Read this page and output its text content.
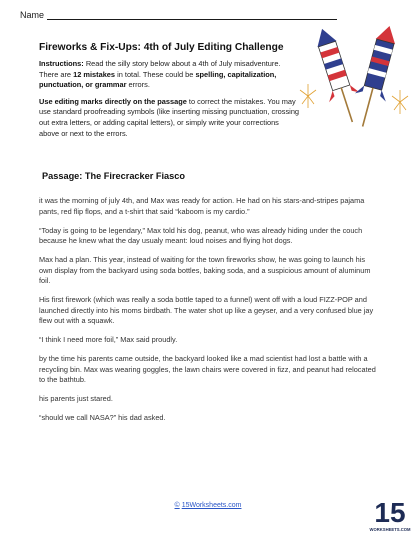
Name
Fireworks & Fix-Ups: 4th of July Editing Challenge

Instructions: Read the silly story below about a 4th of July misadventure. There are 12 mistakes in total. These could be spelling, capitalization, punctuation, or grammar errors.

Use editing marks directly on the passage to correct the mistakes. You may use standard proofreading symbols (like inserting missing punctuation, crossing out extra letters, or adding capital letters), or simply write your corrections above or next to the errors.

Passage: The Firecracker Fiasco

it was the morning of july 4th, and Max was ready for action. He had on his stars-and-stripes pajama pants, red flip flops, and a t-shirt that said “kaboom is my cardio.”

“Today is going to be legendary,” Max told his dog, peanut, who was already hiding under the couch because he knew what the day usualy meant: loud noises and flying hot dogs.

Max had a plan. This year, instead of waiting for the town fireworks show, he was going to launch his own display from the backyard using soda bottles, baking soda, and a suspicious amount of aluminum foil.

His first firework (which was really a soda bottle taped to a funnel) went off with a loud FIZZ-POP and launched directly into his moms birdbath. The water shot up like a geyser, and a very confused blue jay flew out with a squawk.

“I think I need more foil,” Max said proudly.

by the time his parents came outside, the backyard looked like a mad scientist had lost a battle with a recycling bin. Max was wearing goggles, the lawn chairs were covered in fizz, and peanut had relocated to the bathtub.

his parents just stared.

“should we call NASA?” his dad asked.

© 15Worksheets.com	15
WORKSHEETS.COM
